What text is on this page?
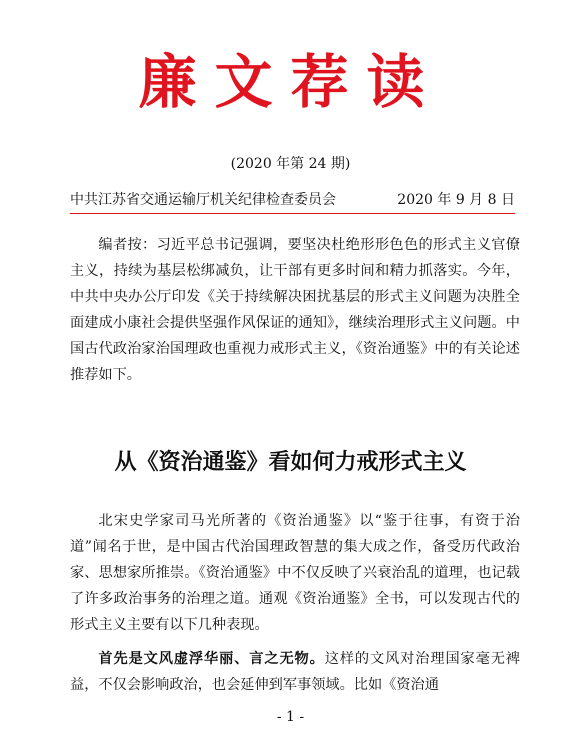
廉文荐读
(2020 年第 24 期)
中共江苏省交通运输厅机关纪律检查委员会	2020 年 9 月 8 日

编者按：习近平总书记强调，要坚决杜绝形形色色的形式主义官僚主义，持续为基层松绑减负，让干部有更多时间和精力抓落实。今年，中共中央办公厅印发《关于持续解决困扰基层的形式主义问题为决胜全面建成小康社会提供坚强作风保证的通知》，继续治理形式主义问题。中国古代政治家治国理政也重视力戒形式主义，《资治通鉴》中的有关论述推荐如下。

从《资治通鉴》看如何力戒形式主义

北宋史学家司马光所著的《资治通鉴》以“鉴于往事，有资于治道”闻名于世，是中国古代治国理政智慧的集大成之作，备受历代政治家、思想家所推崇。《资治通鉴》中不仅反映了兴衰治乱的道理，也记载了许多政治事务的治理之道。通观《资治通鉴》全书，可以发现古代的形式主义主要有以下几种表现。

首先是文风虚浮华丽、言之无物。这样的文风对治理国家毫无裨益，不仅会影响政治，也会延伸到军事领域。比如《资治通

- 1 -
